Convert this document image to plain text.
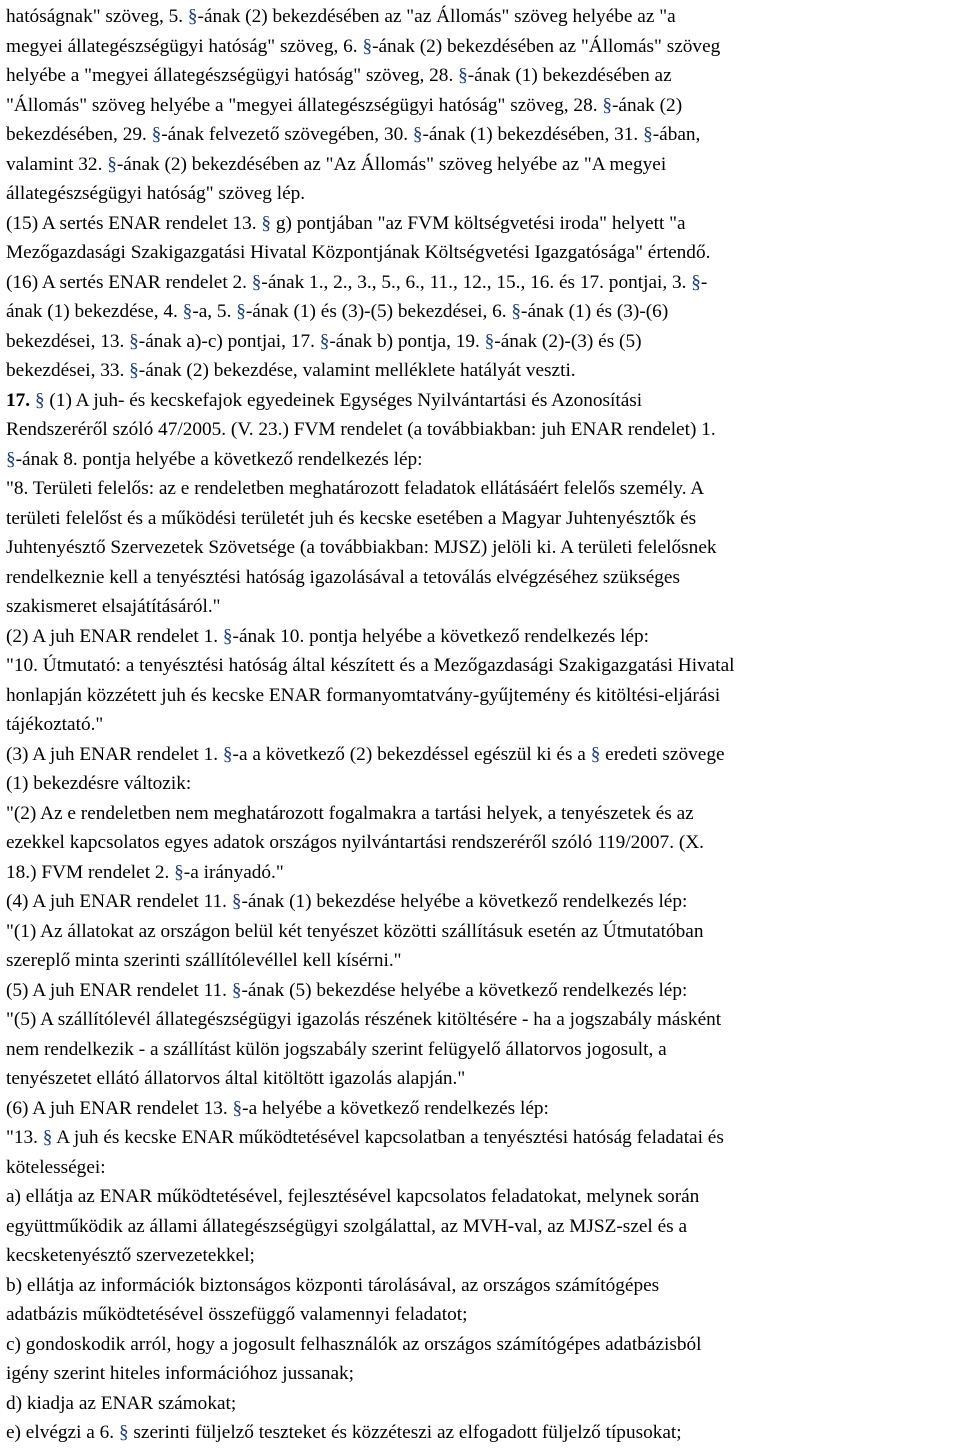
hatóságnak" szöveg, 5. §-ának (2) bekezdésében az "az Állomás" szöveg helyébe az "a
megyei állategészségügyi hatóság" szöveg, 6. §-ának (2) bekezdésében az "Állomás" szöveg
helyébe a "megyei állategészségügyi hatóság" szöveg, 28. §-ának (1) bekezdésében az
"Állomás" szöveg helyébe a "megyei állategészségügyi hatóság" szöveg, 28. §-ának (2)
bekezdésében, 29. §-ának felvezető szövegében, 30. §-ának (1) bekezdésében, 31. §-ában,
valamint 32. §-ának (2) bekezdésében az "Az Állomás" szöveg helyébe az "A megyei
állategészségügyi hatóság" szöveg lép.
(15) A sertés ENAR rendelet 13. § g) pontjában "az FVM költségvetési iroda" helyett "a
Mezőgazdasági Szakigazgatási Hivatal Központjának Költségvetési Igazgatósága" értendő.
(16) A sertés ENAR rendelet 2. §-ának 1., 2., 3., 5., 6., 11., 12., 15., 16. és 17. pontjai, 3. §-
ának (1) bekezdése, 4. §-a, 5. §-ának (1) és (3)-(5) bekezdései, 6. §-ának (1) és (3)-(6)
bekezdései, 13. §-ának a)-c) pontjai, 17. §-ának b) pontja, 19. §-ának (2)-(3) és (5)
bekezdései, 33. §-ának (2) bekezdése, valamint melléklete hatályát veszti.
17. § (1) A juh- és kecskefajok egyedeinek Egységes Nyilvántartási és Azonosítási
Rendszeréről szóló 47/2005. (V. 23.) FVM rendelet (a továbbiakban: juh ENAR rendelet) 1.
§-ának 8. pontja helyébe a következő rendelkezés lép:
"8. Területi felelős: az e rendeletben meghatározott feladatok ellátásáért felelős személy. A
területi felelőst és a működési területét juh és kecske esetében a Magyar Juhtenyésztők és
Juhtenyésztő Szervezetek Szövetsége (a továbbiakban: MJSZ) jelöli ki. A területi felelősnek
rendelkeznie kell a tenyésztési hatóság igazolásával a tetoválás elvégzéséhez szükséges
szakismeret elsajátításáról."
(2) A juh ENAR rendelet 1. §-ának 10. pontja helyébe a következő rendelkezés lép:
"10. Útmutató: a tenyésztési hatóság által készített és a Mezőgazdasági Szakigazgatási Hivatal
honlapján közzétett juh és kecske ENAR formanyomtatvány-gyűjtemény és kitöltési-eljárási
tájékoztató."
(3) A juh ENAR rendelet 1. §-a a következő (2) bekezdéssel egészül ki és a § eredeti szövege
(1) bekezdésre változik:
"(2) Az e rendeletben nem meghatározott fogalmakra a tartási helyek, a tenyészetek és az
ezekkel kapcsolatos egyes adatok országos nyilvántartási rendszeréről szóló 119/2007. (X.
18.) FVM rendelet 2. §-a irányadó."
(4) A juh ENAR rendelet 11. §-ának (1) bekezdése helyébe a következő rendelkezés lép:
"(1) Az állatokat az országon belül két tenyészet közötti szállításuk esetén az Útmutatóban
szereplő minta szerinti szállítólevéllel kell kísérni."
(5) A juh ENAR rendelet 11. §-ának (5) bekezdése helyébe a következő rendelkezés lép:
"(5) A szállítólevél állategészségügyi igazolás részének kitöltésére - ha a jogszabály másként
nem rendelkezik - a szállítást külön jogszabály szerint felügyelő állatorvos jogosult, a
tenyészetet ellátó állatorvos által kitöltött igazolás alapján."
(6) A juh ENAR rendelet 13. §-a helyébe a következő rendelkezés lép:
"13. § A juh és kecske ENAR működtetésével kapcsolatban a tenyésztési hatóság feladatai és
kötelességei:
a) ellátja az ENAR működtetésével, fejlesztésével kapcsolatos feladatokat, melynek során
együttműködik az állami állategészségügyi szolgálattal, az MVH-val, az MJSZ-szel és a
kecsketenyésztő szervezetekkel;
b) ellátja az információk biztonságos központi tárolásával, az országos számítógépes
adatbázis működtetésével összefüggő valamennyi feladatot;
c) gondoskodik arról, hogy a jogosult felhasználók az országos számítógépes adatbázisból
igény szerint hiteles információhoz jussanak;
d) kiadja az ENAR számokat;
e) elvégzi a 6. § szerinti füljelző teszteket és közzéteszi az elfogadott füljelző típusokat;
